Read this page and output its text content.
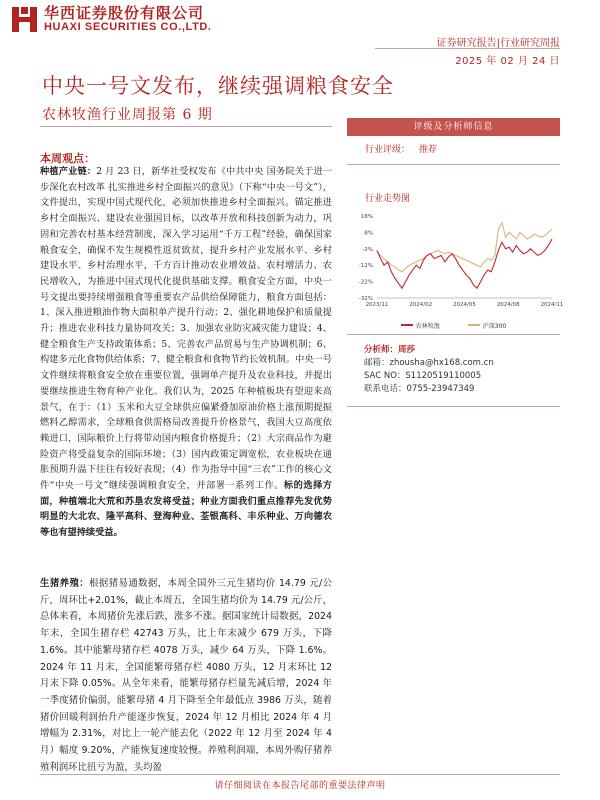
华西证券股份有限公司
HUAXI SECURITIES CO.,LTD.
证券研究报告|行业研究周报
2025 年 02 月 24 日
中央一号文发布，继续强调粮食安全
农林牧渔行业周报第 6 期
本周观点：
种植产业链：2 月 23 日，新华社受权发布《中共中央 国务院关于进一步深化农村改革 扎实推进乡村全面振兴的意见》（下称“中央一号文”），文件提出，实现中国式现代化，必须加快推进乡村全面振兴。锚定推进乡村全面振兴、建设农业强国目标，以改革开放和科技创新为动力，巩固和完善农村基本经营制度，深入学习运用“千万工程”经验，确保国家粮食安全，确保不发生规模性返贫致贫，提升乡村产业发展水平、乡村建设水平、乡村治理水平，千方百计推动农业增效益、农村增活力、农民增收入，为推进中国式现代化提供基础支撑。粮食安全方面，中央一号文提出要持续增强粮食等重要农产品供给保障能力，粮食方面包括：1、深入推进粮油作物大面积单产提升行动；2、强化耕地保护和质量提升；推进农业科技力量协同攻关；3、加强农业防灾减灾能力建设；4、健全粮食生产支持政策体系；5、完善农产品贸易与生产协调机制；6、构建多元化食物供给体系；7、健全粮食和食物节约长效机制。中央一号文件继续将粮食安全放在重要位置，强调单产提升及农业科技，并提出要继续推进生物育种产业化。我们认为，2025 年种植板块有望迎来高景气，在于：（1）玉米和大豆全球供应偏紧叠加原油价格上涨预期提振燃料乙醇需求，全球粮食供需格局改善提升价格景气，我国大豆高度依赖进口，国际粮价上行将带动国内粮食价格提升；（2）大宗商品作为避险资产将受益复杂的国际环境；（3）国内政策定调宽松，农业板块在通胀预期升温下往往有较好表现；（4）作为指导中国“三农”工作的核心文件“中央一号文”继续强调粮食安全，并部署一系列工作。标的选择方面，种植端北大荒和苏垦农发将受益；种业方面我们重点推荐先发优势明显的大北农、隆平高科、登海种业、荃银高科、丰乐种业、万向德农等也有望持续受益。
生猪养殖：根据猪易通数据，本周全国外三元生猪均价 14.79 元/公斤，周环比+2.01%，截止本周五，全国生猪均价为 14.79 元/公斤，总体来看，本周猪价先涨后跌，涨多不涨。据国家统计局数据，2024 年末，全国生猪存栏 42743 万头，比上年末减少 679 万头，下降 1.6%。其中能繁母猪存栏 4078 万头，减少 64 万头，下降 1.6%。2024 年 11 月末，全国能繁母猪存栏 4080 万头，12 月末环比 12 月末下降 0.05%。从全年来看，能繁母猪存栏量先减后增，2024 年一季度猪价偏弱，能繁母猪 4 月下降至全年最低点 3986 万头，随着猪价回暖利润抬升产能逐步恢复，2024 年 12 月相比 2024 年 4 月增幅为 2.31%，对比上一轮产能去化（2022 年 12 月至 2024 年 4 月）幅度 9.20%，产能恢复速度较慢。养殖利润端，本周外购仔猪养殖利润环比扭亏为盈，头均盈
评级及分析师信息
行业评级： 推荐
行业走势图
18%
8%
-2%
-12%
-22%
-32%
2023/11	2024/02	2024/05	2024/08	2024/11
农林牧渔	沪深300
分析师：周莎
邮箱：zhousha@hx168.com.cn
SAC NO：S1120519110005
联系电话：0755-23947349
请仔细阅读在本报告尾部的重要法律声明
